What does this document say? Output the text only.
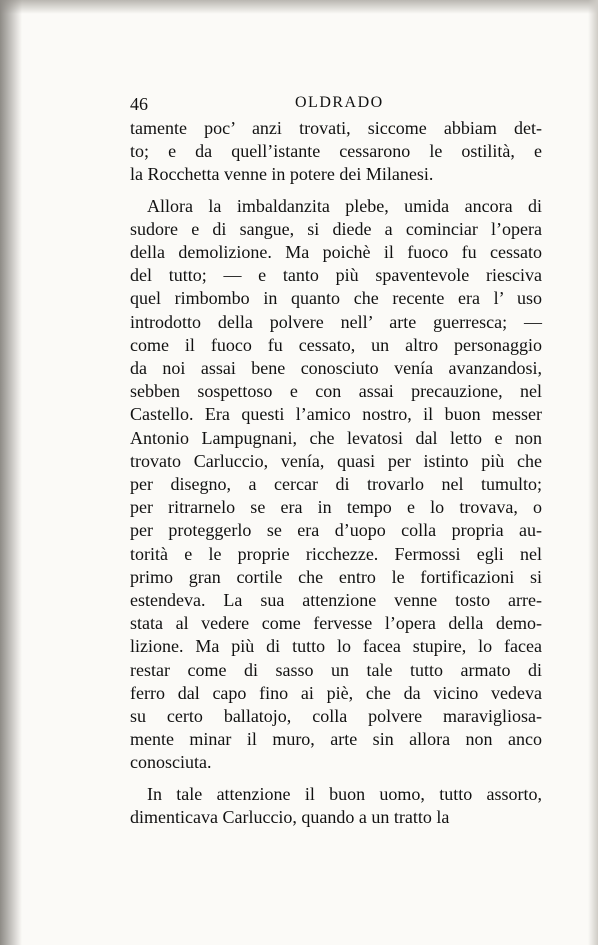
46	OLDRADO
tamente poc’ anzi trovati, siccome abbiam det-
to; e da quell’istante cessarono le ostilità, e
la Rocchetta venne in potere dei Milanesi.
Allora la imbaldanzita plebe, umida ancora di
sudore e di sangue, si diede a cominciar l’opera
della demolizione. Ma poichè il fuoco fu cessato
del tutto; — e tanto più spaventevole riesciva
quel rimbombo in quanto che recente era l’ uso
introdotto della polvere nell’ arte guerresca; —
come il fuoco fu cessato, un altro personaggio
da noi assai bene conosciuto venía avanzandosi,
sebben sospettoso e con assai precauzione, nel
Castello. Era questi l’amico nostro, il buon messer
Antonio Lampugnani, che levatosi dal letto e non
trovato Carluccio, venía, quasi per istinto più che
per disegno, a cercar di trovarlo nel tumulto;
per ritrarnelo se era in tempo e lo trovava, o
per proteggerlo se era d’uopo colla propria au-
torità e le proprie ricchezze. Fermossi egli nel
primo gran cortile che entro le fortificazioni si
estendeva. La sua attenzione venne tosto arre-
stata al vedere come fervesse l’opera della demo-
lizione. Ma più di tutto lo facea stupire, lo facea
restar come di sasso un tale tutto armato di
ferro dal capo fino ai piè, che da vicino vedeva
su certo ballatojo, colla polvere maravigliosa-
mente minar il muro, arte sin allora non anco
conosciuta.
In tale attenzione il buon uomo, tutto assorto,
dimenticava Carluccio, quando a un tratto la
